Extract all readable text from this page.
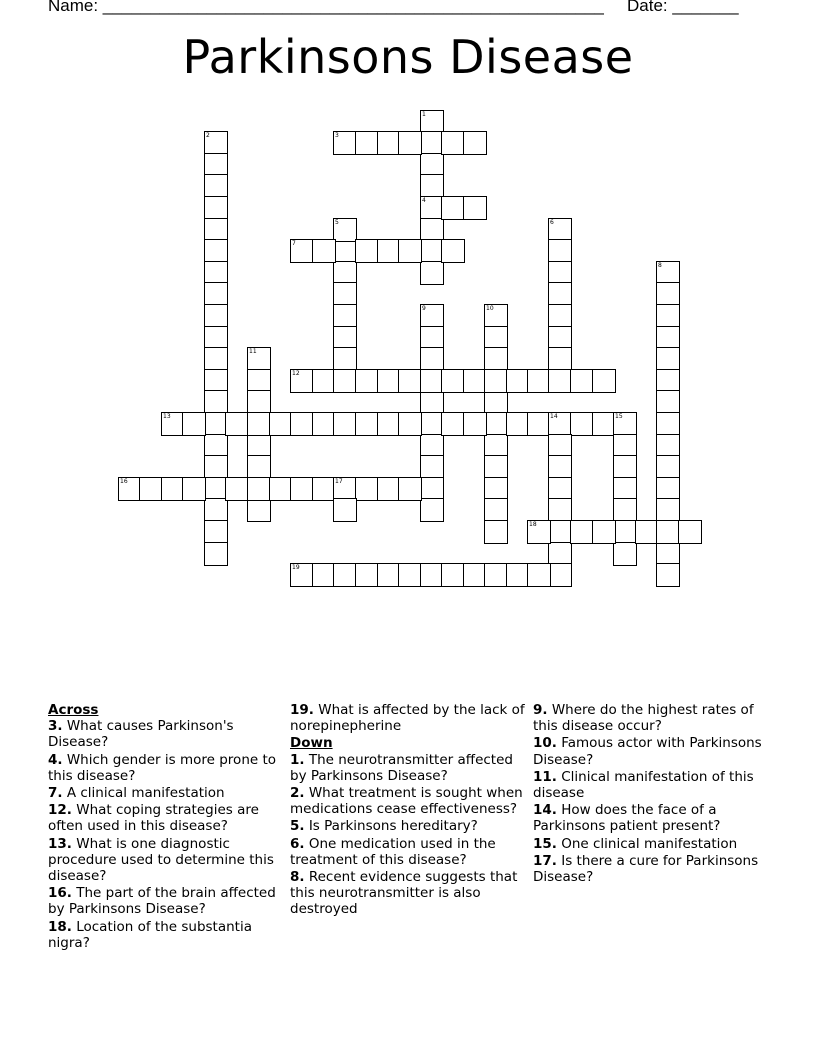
Name: _____________________________________________________ Date: _______
Parkinsons Disease
1
4
2	3
5	6
7
8
9	10
11
12
13	14	15
16	17
18
19
Across
3. What causes Parkinson's Disease?
4. Which gender is more prone to this disease?
7. A clinical manifestation
12. What coping strategies are often used in this disease?
13. What is one diagnostic procedure used to determine this disease?
16. The part of the brain affected by Parkinsons Disease?
18. Location of the substantia nigra?
19. What is affected by the lack of norepinepherine
Down
1. The neurotransmitter affected by Parkinsons Disease?
2. What treatment is sought when medications cease effectiveness?
5. Is Parkinsons hereditary?
6. One medication used in the treatment of this disease?
8. Recent evidence suggests that this neurotransmitter is also destroyed
9. Where do the highest rates of this disease occur?
10. Famous actor with Parkinsons Disease?
11. Clinical manifestation of this disease
14. How does the face of a Parkinsons patient present?
15. One clinical manifestation
17. Is there a cure for Parkinsons Disease?
